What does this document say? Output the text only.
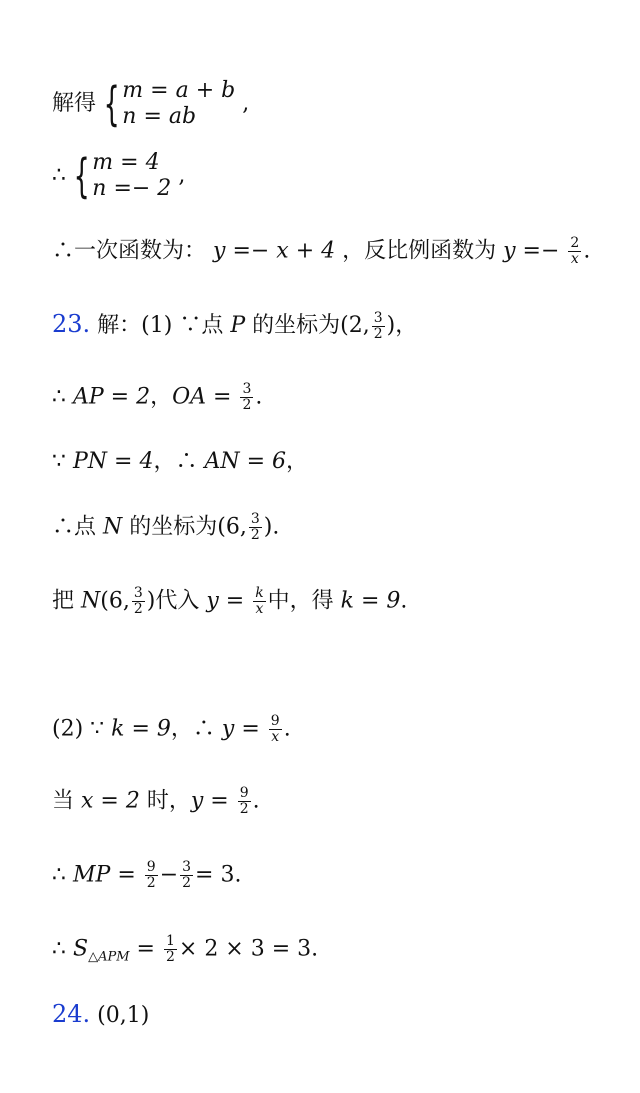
解得 { m = a + b
n = ab
,
∴ { m = 4
n =− 2
,
∴一次函数为： y =− x + 4 ，反比例函数为 $y =- \frac{2}{x}$ .
23. 解：(1) ∵点 P 的坐标为(2, $\frac{3}{2}$ )，
∴ AP = 2，OA = $\frac{3}{2}$ .
∵ PN = 4，∴ AN = 6，
∴点 N 的坐标为(6, $\frac{3}{2}$ ).
把 N(6, $\frac{3}{2}$ )代入 $y = \frac{k}{x}$ 中，得 k = 9.
(2) ∵ k = 9，∴ $y = \frac{9}{x}$ .
当 x = 2 时，$y = \frac{9}{2}$ .
∴ MP = $\frac{9}{2} - \frac{3}{2} = 3$.
∴ $S_{\triangle APM} = \frac{1}{2} \times 2 \times 3 = 3$.
24. (0,1)
